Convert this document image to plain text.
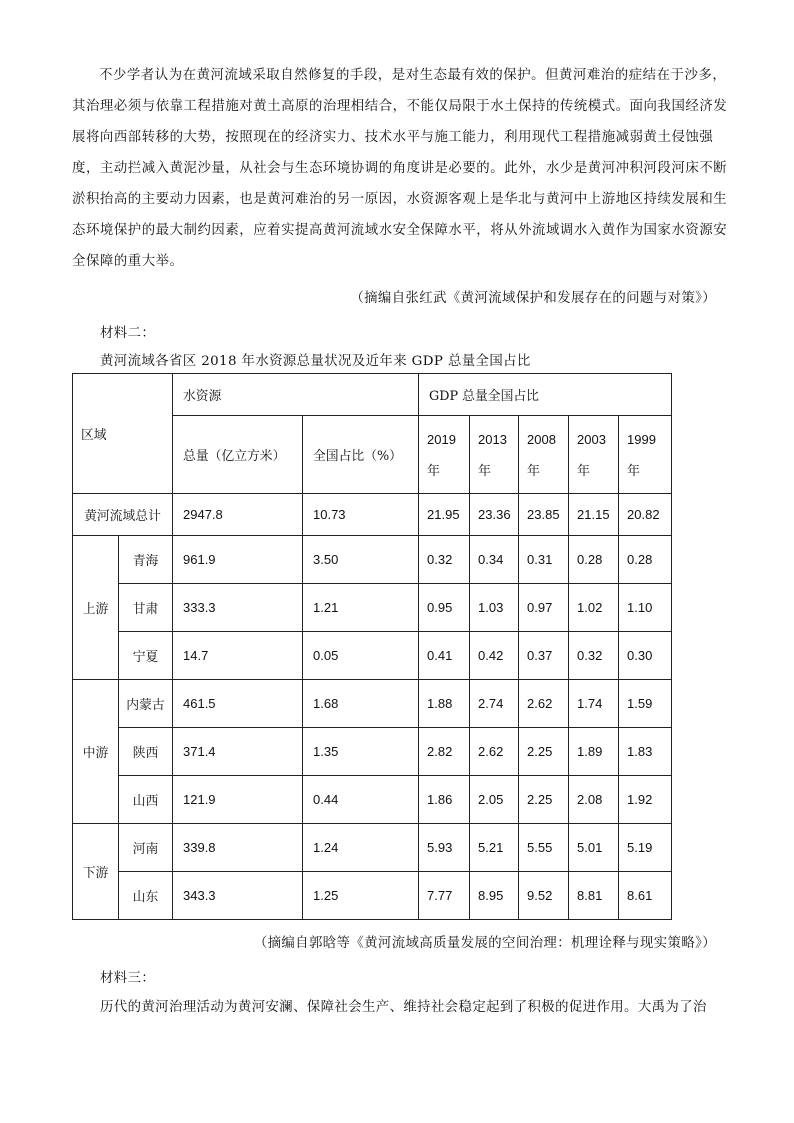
不少学者认为在黄河流域采取自然修复的手段，是对生态最有效的保护。但黄河难治的症结在于沙多，其治理必须与依靠工程措施对黄土高原的治理相结合，不能仅局限于水土保持的传统模式。面向我国经济发展将向西部转移的大势，按照现在的经济实力、技术水平与施工能力，利用现代工程措施减弱黄土侵蚀强度，主动拦减入黄泥沙量，从社会与生态环境协调的角度讲是必要的。此外，水少是黄河冲积河段河床不断淤积抬高的主要动力因素，也是黄河难治的另一原因，水资源客观上是华北与黄河中上游地区持续发展和生态环境保护的最大制约因素，应着实提高黄河流域水安全保障水平，将从外流域调水入黄作为国家水资源安全保障的重大举。

（摘编自张红武《黄河流域保护和发展存在的问题与对策》）

材料二：

黄河流域各省区 2018 年水资源总量状况及近年来 GDP 总量全国占比

区域		水资源		GDP 总量全国占比				
		总量（亿立方米）	全国占比（%）	2019 年	2013 年	2008 年	2003 年	1999 年
黄河流域总计		2947.8	10.73	21.95	23.36	23.85	21.15	20.82
上游	青海	961.9	3.50	0.32	0.34	0.31	0.28	0.28
	甘肃	333.3	1.21	0.95	1.03	0.97	1.02	1.10
	宁夏	14.7	0.05	0.41	0.42	0.37	0.32	0.30
中游	内蒙古	461.5	1.68	1.88	2.74	2.62	1.74	1.59
	陕西	371.4	1.35	2.82	2.62	2.25	1.89	1.83
	山西	121.9	0.44	1.86	2.05	2.25	2.08	1.92
下游	河南	339.8	1.24	5.93	5.21	5.55	5.01	5.19
	山东	343.3	1.25	7.77	8.95	9.52	8.81	8.61

（摘编自郭晗等《黄河流域高质量发展的空间治理：机理诠释与现实策略》）

材料三：

历代的黄河治理活动为黄河安澜、保障社会生产、维持社会稳定起到了积极的促进作用。大禹为了治
